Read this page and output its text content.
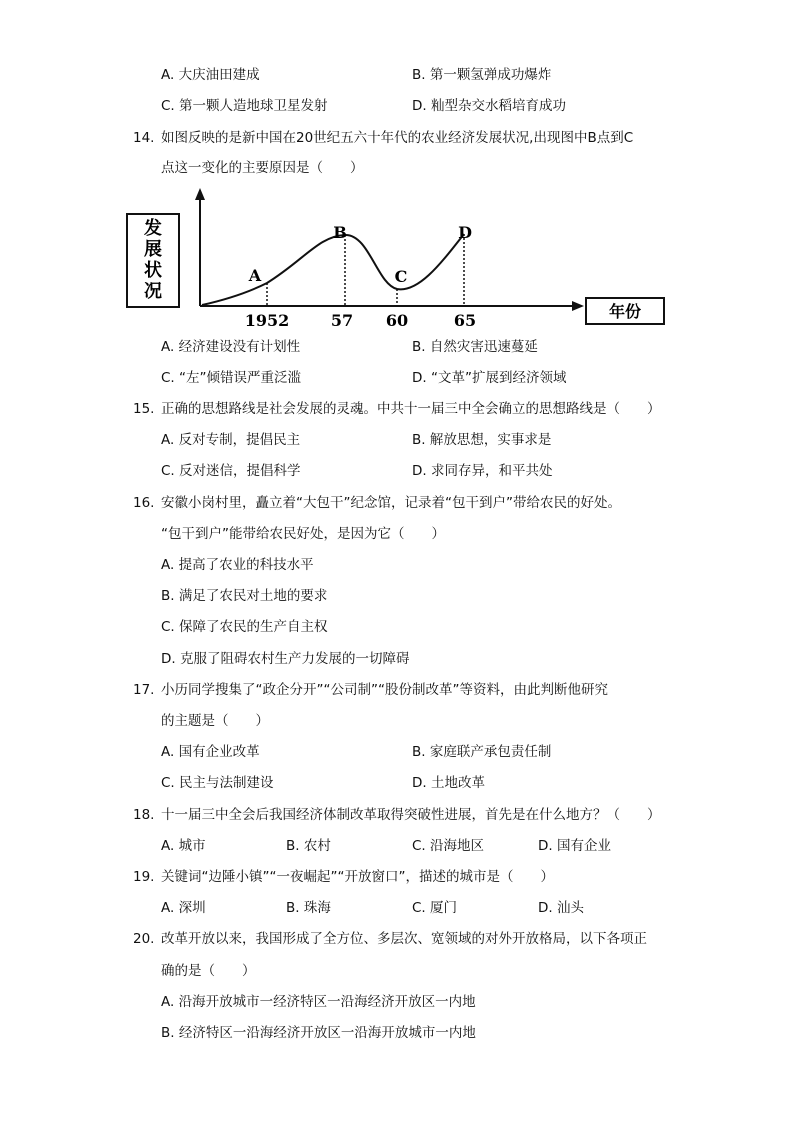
A. 大庆油田建成	B. 第一颗氢弹成功爆炸
C. 第一颗人造地球卫星发射	D. 籼型杂交水稻培育成功
14. 如图反映的是新中国在20世纪五六十年代的农业经济发展状况,出现图中B点到C
点这一变化的主要原因是（　　）
发
展
状
况
年份
A
B
C
D
1952	57 60	65
A. 经济建设没有计划性	B. 自然灾害迅速蔓延
C. “左”倾错误严重泛滥	D. “文革”扩展到经济领域
15. 正确的思想路线是社会发展的灵魂。中共十一届三中全会确立的思想路线是（　　）
A. 反对专制，提倡民主	B. 解放思想，实事求是
C. 反对迷信，提倡科学	D. 求同存异，和平共处
16. 安徽小岗村里，矗立着“大包干”纪念馆，记录着“包干到户”带给农民的好处。
“包干到户”能带给农民好处，是因为它（　　）
A. 提高了农业的科技水平
B. 满足了农民对土地的要求
C. 保障了农民的生产自主权
D. 克服了阻碍农村生产力发展的一切障碍
17. 小历同学搜集了“政企分开”“公司制”“股份制改革”等资料，由此判断他研究
的主题是（　　）
A. 国有企业改革	B. 家庭联产承包责任制
C. 民主与法制建设	D. 土地改革
18. 十一届三中全会后我国经济体制改革取得突破性进展，首先是在什么地方？（　　）
A. 城市	B. 农村	C. 沿海地区	D. 国有企业
19. 关键词“边陲小镇”“一夜崛起”“开放窗口”，描述的城市是（　　）
A. 深圳	B. 珠海	C. 厦门	D. 汕头
20. 改革开放以来，我国形成了全方位、多层次、宽领域的对外开放格局，以下各项正
确的是（　　）
A. 沿海开放城市一经济特区一沿海经济开放区一内地
B. 经济特区一沿海经济开放区一沿海开放城市一内地
